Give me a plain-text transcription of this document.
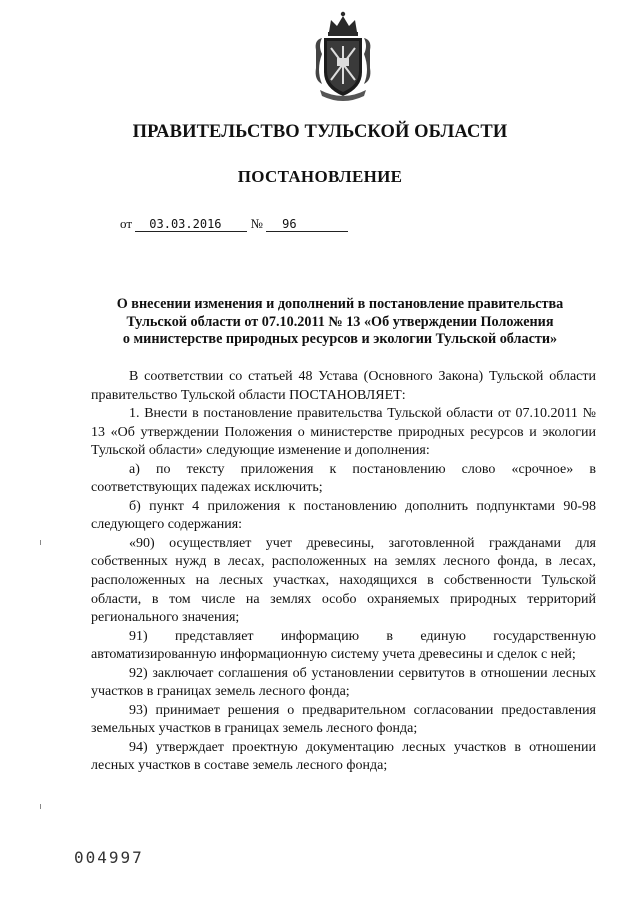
ПРАВИТЕЛЬСТВО ТУЛЬСКОЙ ОБЛАСТИ
ПОСТАНОВЛЕНИЕ
от 03.03.2016 № 96
О внесении изменения и дополнений в постановление правительства
Тульской области от 07.10.2011 № 13 «Об утверждении Положения
о министерстве природных ресурсов и экологии Тульской области»

В соответствии со статьей 48 Устава (Основного Закона) Тульской области правительство Тульской области ПОСТАНОВЛЯЕТ:

1. Внести в постановление правительства Тульской области от 07.10.2011 № 13 «Об утверждении Положения о министерстве природных ресурсов и экологии Тульской области» следующие изменение и дополнения:

а) по тексту приложения к постановлению слово «срочное» в соответствующих падежах исключить;

б) пункт 4 приложения к постановлению дополнить подпунктами 90-98 следующего содержания:

«90) осуществляет учет древесины, заготовленной гражданами для собственных нужд в лесах, расположенных на землях лесного фонда, в лесах, расположенных на лесных участках, находящихся в собственности Тульской области, в том числе на землях особо охраняемых природных территорий регионального значения;

91) представляет информацию в единую государственную автоматизированную информационную систему учета древесины и сделок с ней;

92) заключает соглашения об установлении сервитутов в отношении лесных участков в границах земель лесного фонда;

93) принимает решения о предварительном согласовании предоставления земельных участков в границах земель лесного фонда;

94) утверждает проектную документацию лесных участков в отношении лесных участков в составе земель лесного фонда;

004997
